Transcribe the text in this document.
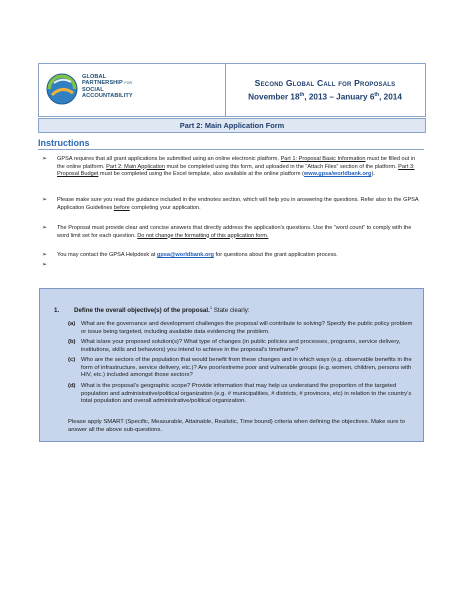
GLOBAL
PARTNERSHIP FOR
SOCIAL
ACCOUNTABILITY
Second Global Call for Proposals
November 18th, 2013 – January 6th, 2014
Part 2: Main Application Form
Instructions
➢ GPSA requires that all grant applications be submitted using an online electronic platform. Part 1: Proposal Basic Information must be filled out in the online platform. Part 2: Main Application must be completed using this form, and uploaded in the “Attach Files” section of the platform. Part 3: Proposal Budget must be completed using the Excel template, also available at the online platform (www.gpsa/worldbank.org).
➢ Please make sure you read the guidance included in the endnotes section, which will help you in answering the questions. Refer also to the GPSA Application Guidelines before completing your application.
➢ The Proposal must provide clear and concise answers that directly address the application’s questions. Use the “word count” to comply with the word limit set for each question. Do not change the formatting of this application form.
➢ You may contact the GPSA Helpdesk at gpsa@worldbank.org for questions about the grant application process.
➢
1. Define the overall objective(s) of the proposal.$^1$ State clearly:
(a) What are the governance and development challenges the proposal will contribute to solving? Specify the public policy problem or issue being targeted, including available data evidencing the problem.
(b) What is/are your proposed solution(s)? What type of changes (in public policies and processes, programs, service delivery, institutions, skills and behaviors) you intend to achieve in the proposal’s timeframe?
(c) Who are the sectors of the population that would benefit from these changes and in which ways (e.g. observable benefits in the form of infrastructure, service delivery, etc.)? Are poor/extreme poor and vulnerable groups (e.g. women, children, persons with HIV, etc.) included amongst those sectors?
(d) What is the proposal’s geographic scope? Provide information that may help us understand the proportion of the targeted population and administrative/political organization (e.g. # municipalities, # districts, # provinces, etc) in relation to the country’s total population and overall administrative/political organization.
Please apply SMART (Specific, Measurable, Attainable, Realistic, Time bound) criteria when defining the objectives. Make sure to answer all the above sub-questions.
